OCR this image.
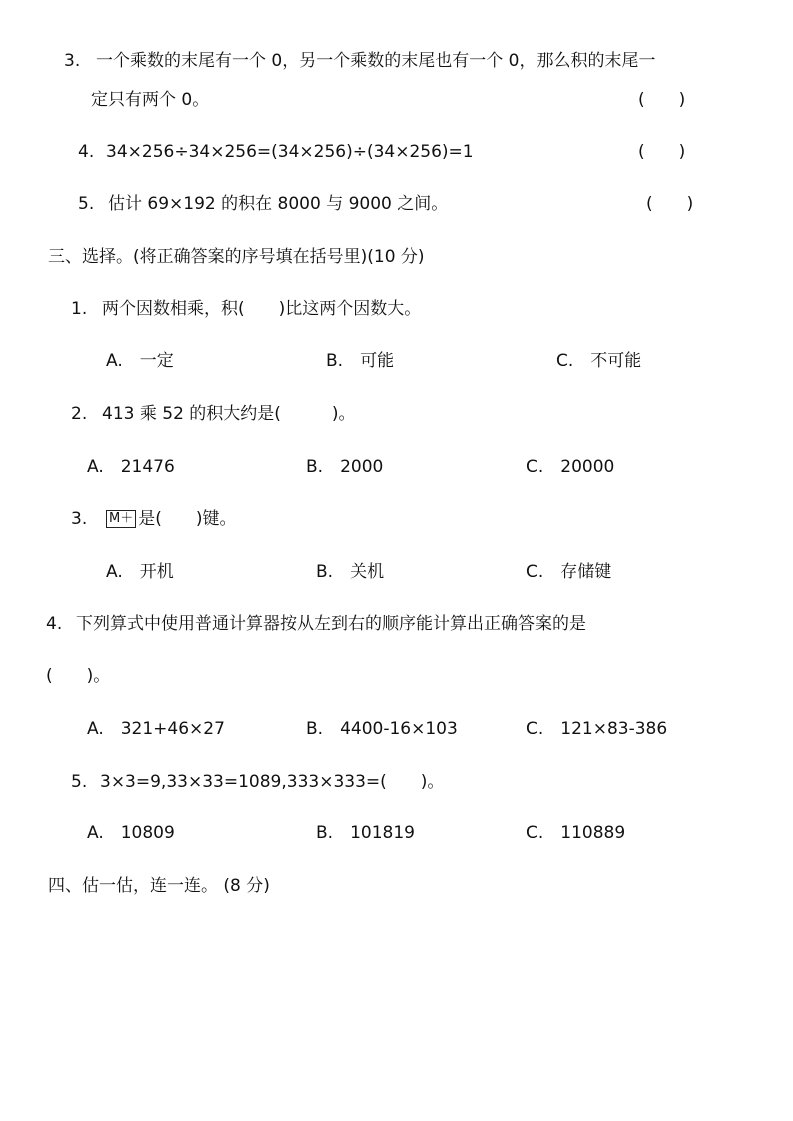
3. 一个乘数的末尾有一个 0，另一个乘数的末尾也有一个 0，那么积的末尾一
定只有两个 0。	(　　)
4. 34×256÷34×256=(34×256)÷(34×256)=1	(　　)
5. 估计 69×192 的积在 8000 与 9000 之间。	(　　)
三、选择。(将正确答案的序号填在括号里)(10 分)
1. 两个因数相乘，积(　　)比这两个因数大。
A.　一定	B.　可能	C.　不可能
2. 413 乘 52 的积大约是(　　　)。
A.　21476	B.　2000	C.　20000
3. M＋ 是(　　)键。
A.　开机	B.　关机	C.　存储键
4. 下列算式中使用普通计算器按从左到右的顺序能计算出正确答案的是
(　　)。
A.　321+46×27	B.　4400-16×103	C.　121×83-386
5. 3×3=9,33×33=1089,333×333=(　　)。
A.　10809	B.　101819	C.　110889
四、估一估，连一连。 (8 分)
